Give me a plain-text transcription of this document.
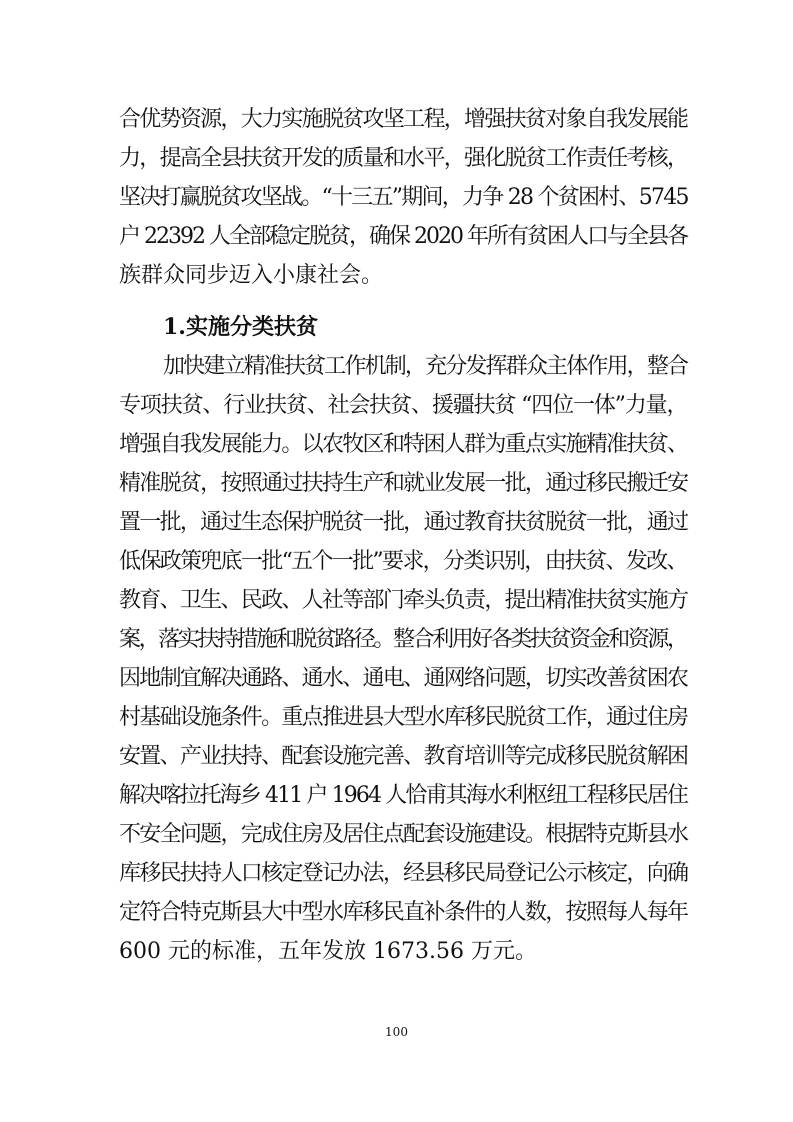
合优势资源，大力实施脱贫攻坚工程，增强扶贫对象自我发展能
力，提高全县扶贫开发的质量和水平，强化脱贫工作责任考核，
坚决打赢脱贫攻坚战。“十三五”期间，力争 28 个贫困村、5745
户 22392 人全部稳定脱贫，确保 2020 年所有贫困人口与全县各
族群众同步迈入小康社会。
1.实施分类扶贫
加快建立精准扶贫工作机制，充分发挥群众主体作用，整合
专项扶贫、行业扶贫、社会扶贫、援疆扶贫 “四位一体”力量，
增强自我发展能力。以农牧区和特困人群为重点实施精准扶贫、
精准脱贫，按照通过扶持生产和就业发展一批，通过移民搬迁安
置一批，通过生态保护脱贫一批，通过教育扶贫脱贫一批，通过
低保政策兜底一批“五个一批”要求，分类识别，由扶贫、发改、
教育、卫生、民政、人社等部门牵头负责，提出精准扶贫实施方
案，落实扶持措施和脱贫路径。整合利用好各类扶贫资金和资源，
因地制宜解决通路、通水、通电、通网络问题，切实改善贫困农
村基础设施条件。重点推进县大型水库移民脱贫工作，通过住房
安置、产业扶持、配套设施完善、教育培训等完成移民脱贫解困
解决喀拉托海乡 411 户 1964 人恰甫其海水利枢纽工程移民居住
不安全问题，完成住房及居住点配套设施建设。根据特克斯县水
库移民扶持人口核定登记办法，经县移民局登记公示核定，向确
定符合特克斯县大中型水库移民直补条件的人数，按照每人每年
600 元的标准，五年发放 1673.56 万元。
100
